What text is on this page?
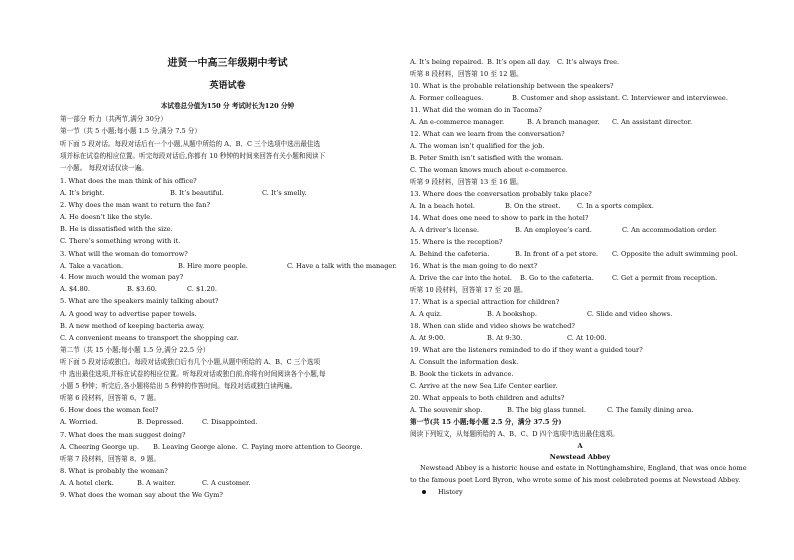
进贤一中高三年级期中考试
英语试卷
本试卷总分值为150 分 考试时长为120 分钟
第一部分 听力（共两节,满分 30分）
第一节（共 5 小题;每小题 1.5 分,满分 7.5 分）
听下面 5 段对话。每段对话后有一个小题,从题中所给的 A、B、C 三个选项中选出最佳选
项并标在试卷的相应位置。听完每段对话后,你都有 10 秒钟的时间来回答有关小题和阅读下
一小题。 每段对话仅读一遍。
1. What does the man think of his office?
A. It’s bright.	B. It’s beautiful.	C. It’s smelly.
2. Why does the man want to return the fan?
A. He doesn’t like the style.
B. He is dissatisfied with the size.
C. There’s something wrong with it.
3. What will the woman do tomorrow?
A. Take a vacation.	B. Hire more people.	C. Have a talk with the manager.
4. How much would the woman pay?
A. $4.80.	B. $3.60.	C. $1.20.
5. What are the speakers mainly talking about?
A. A good way to advertise paper towels.
B. A new method of keeping bacteria away.
C. A convenient means to transport the shopping car.
第二节（共 15 小题;每小题 1.5 分,满分 22.5 分）
听下面 5 段对话或独白。每段对话或独白后有几个小题,从题中所给的 A、B、C 三个选项
中 选出最佳选项,并标在试卷的相应位置。听每段对话或独白前,你将有时间阅读各个小题,每
小题 5 秒钟；听完后,各小题将给出 5 秒钟的作答时间。每段对话或独白读两遍。
听第 6 段材料，回答第 6、7 题。
6. How does the woman feel?
A. Worried.	B. Depressed.	C. Disappointed.
7. What does the man suggest doing?
A. Cheering George up. B. Leaving George alone. C. Paying more attention to George.
听第 7 段材料，回答第 8、9 题。
8. What is probably the woman?
A. A hotel clerk.	B. A waiter.	C. A customer.
9. What does the woman say about the We Gym?
A. It’s being repaired. B. It’s open all day. C. It’s always free.
听第 8 段材料，回答第 10 至 12 题。
10. What is the probable relationship between the speakers?
A. Former colleagues.	B. Customer and shop assistant. C. Interviewer and interviewee.
11. What did the woman do in Tacoma?
A. An e-commerce manager.	B. A branch manager. C. An assistant director.
12. What can we learn from the conversation?
A. The woman isn’t qualified for the job.
B. Peter Smith isn’t satisfied with the woman.
C. The woman knows much about e-commerce.
听第 9 段材料，回答第 13 至 16 题。
13. Where does the conversation probably take place?
A. In a beach hotel.	B. On the street.	C. In a sports complex.
14. What does one need to show to park in the hotel?
A. A driver’s license.	B. An employee’s card.	C. An accommodation order.
15. Where is the reception?
A. Behind the cafeteria.	B. In front of a pet store. C. Opposite the adult swimming pool.
16. What is the man going to do next?
A. Drive the car into the hotel. B. Go to the cafeteria.	C. Get a permit from reception.
听第 10 段材料，回答第 17 至 20 题。
17. What is a special attraction for children?
A. A quiz.	B. A bookshop.	C. Slide and video shows.
18. When can slide and video shows be watched?
A. At 9:00.	B. At 9:30.	C. At 10:00.
19. What are the listeners reminded to do if they want a guided tour?
A. Consult the information desk.
B. Book the tickets in advance.
C. Arrive at the new Sea Life Center earlier.
20. What appeals to both children and adults?
A. The souvenir shop.	B. The big glass tunnel.	C. The family dining area.
第一节(共 15 小题;每小题 2.5 分，满分 37.5 分)
阅读下列短文，从每题所给的 A、B、C、D 四个选项中选出最佳选项。
A
Newstead Abbey
Newstead Abbey is a historic house and estate in Nottinghamshire, England, that was once home
to the famous poet Lord Byron, who wrote some of his most celebrated poems at Newstead Abbey.
History
